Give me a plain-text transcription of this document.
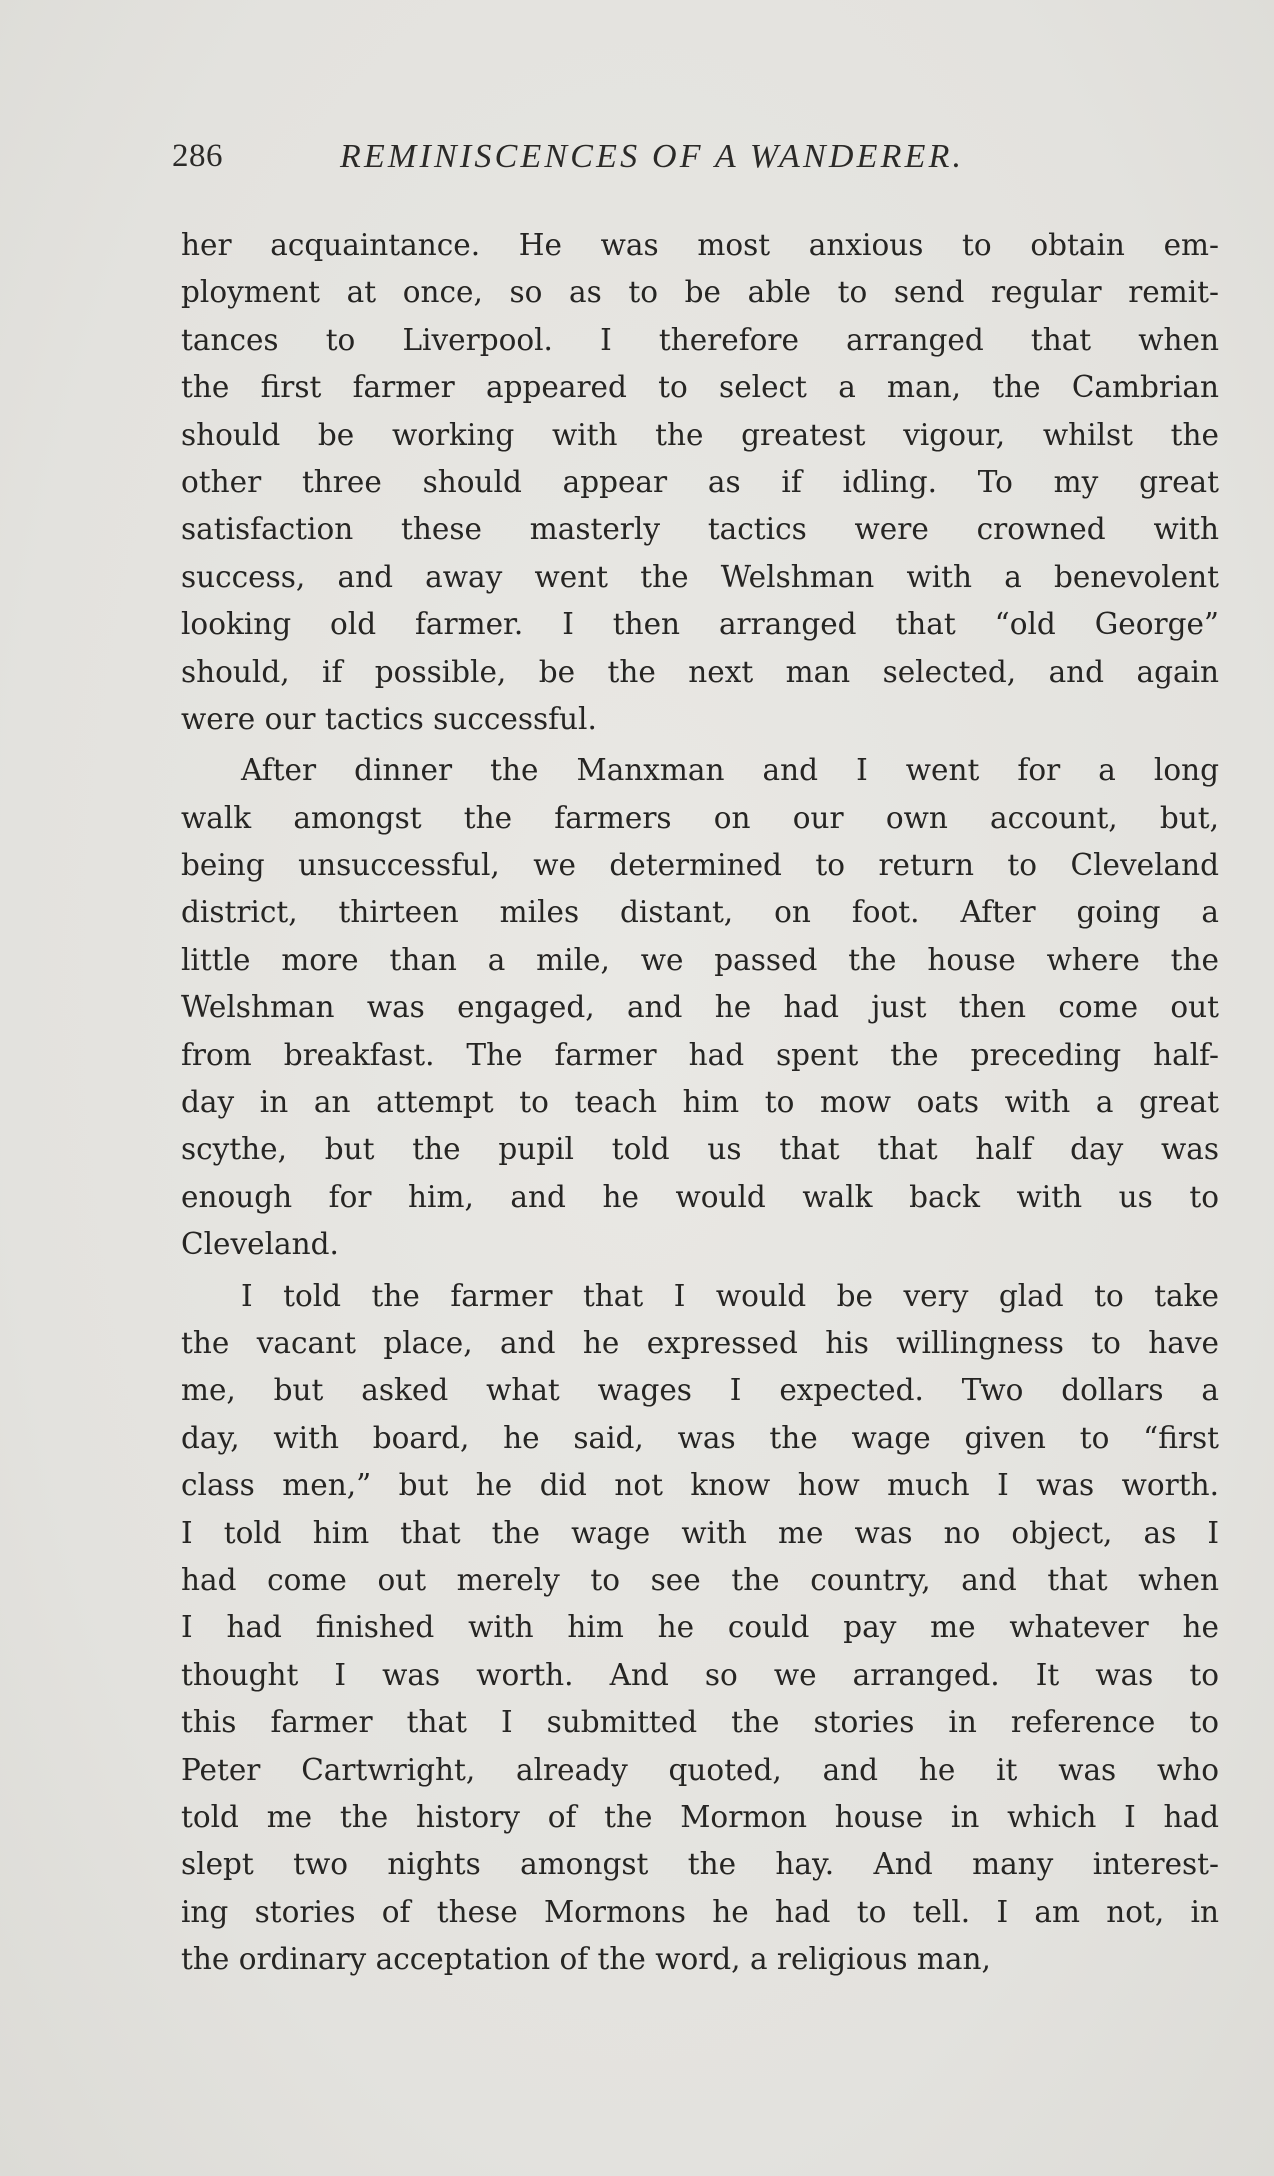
286	REMINISCENCES OF A WANDERER.
her acquaintance. He was most anxious to obtain em-
ployment at once, so as to be able to send regular remit-
tances to Liverpool. I therefore arranged that when
the first farmer appeared to select a man, the Cambrian
should be working with the greatest vigour, whilst the
other three should appear as if idling. To my great
satisfaction these masterly tactics were crowned with
success, and away went the Welshman with a benevolent
looking old farmer. I then arranged that “old George”
should, if possible, be the next man selected, and again
were our tactics successful.
After dinner the Manxman and I went for a long
walk amongst the farmers on our own account, but,
being unsuccessful, we determined to return to Cleveland
district, thirteen miles distant, on foot. After going a
little more than a mile, we passed the house where the
Welshman was engaged, and he had just then come out
from breakfast. The farmer had spent the preceding half-
day in an attempt to teach him to mow oats with a great
scythe, but the pupil told us that that half day was
enough for him, and he would walk back with us to
Cleveland.
I told the farmer that I would be very glad to take
the vacant place, and he expressed his willingness to have
me, but asked what wages I expected. Two dollars a
day, with board, he said, was the wage given to “first
class men,” but he did not know how much I was worth.
I told him that the wage with me was no object, as I
had come out merely to see the country, and that when
I had finished with him he could pay me whatever he
thought I was worth. And so we arranged. It was to
this farmer that I submitted the stories in reference to
Peter Cartwright, already quoted, and he it was who
told me the history of the Mormon house in which I had
slept two nights amongst the hay. And many interest-
ing stories of these Mormons he had to tell. I am not, in
the ordinary acceptation of the word, a religious man,
